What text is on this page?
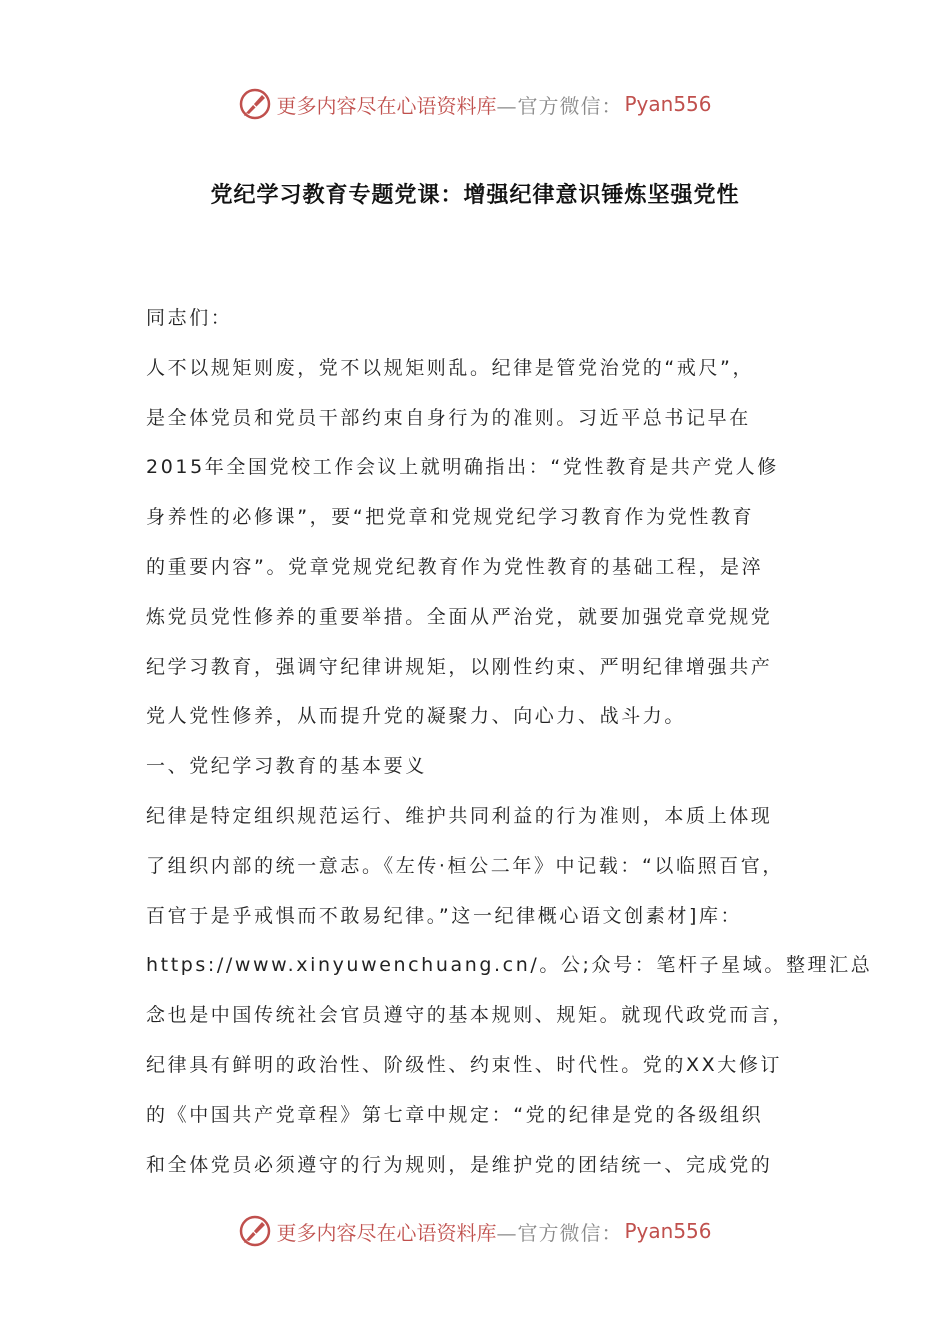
更多内容尽在心语资料库 —官方微信： Pyan556
党纪学习教育专题党课：增强纪律意识锤炼坚强党性
同志们：
人不以规矩则废，党不以规矩则乱。纪律是管党治党的“戒尺”，
是全体党员和党员干部约束自身行为的准则。习近平总书记早在
2015年全国党校工作会议上就明确指出：“党性教育是共产党人修
身养性的必修课”，要“把党章和党规党纪学习教育作为党性教育
的重要内容”。党章党规党纪教育作为党性教育的基础工程，是淬
炼党员党性修养的重要举措。全面从严治党，就要加强党章党规党
纪学习教育，强调守纪律讲规矩，以刚性约束、严明纪律增强共产
党人党性修养，从而提升党的凝聚力、向心力、战斗力。
一、党纪学习教育的基本要义
纪律是特定组织规范运行、维护共同利益的行为准则，本质上体现
了组织内部的统一意志。《左传·桓公二年》中记载：“以临照百官，
百官于是乎戒惧而不敢易纪律。”这一纪律概心语文创素材]库：
https://www.xinyuwenchuang.cn/。公;众号：笔杆子星域。整理汇总
念也是中国传统社会官员遵守的基本规则、规矩。就现代政党而言，
纪律具有鲜明的政治性、阶级性、约束性、时代性。党的XX大修订
的《中国共产党章程》第七章中规定：“党的纪律是党的各级组织
和全体党员必须遵守的行为规则，是维护党的团结统一、完成党的
更多内容尽在心语资料库 —官方微信： Pyan556
